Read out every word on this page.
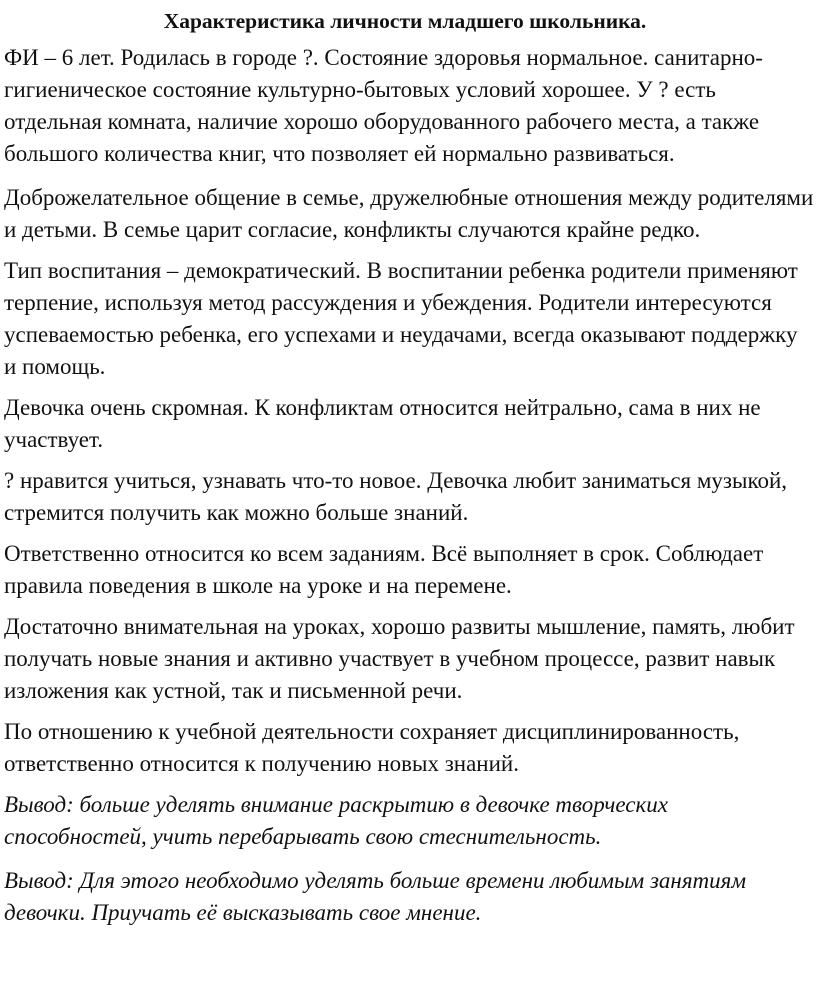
Характеристика личности младшего школьника.
ФИ – 6 лет. Родилась в городе ?. Состояние здоровья нормальное. санитарно-гигиеническое состояние культурно-бытовых условий хорошее. У ? есть отдельная комната, наличие хорошо оборудованного рабочего места, а также большого количества книг, что позволяет ей нормально развиваться.
Доброжелательное общение в семье, дружелюбные отношения между родителями и детьми. В семье царит согласие, конфликты случаются крайне редко.
Тип воспитания – демократический. В воспитании ребенка родители применяют терпение, используя метод рассуждения и убеждения. Родители интересуются успеваемостью ребенка, его успехами и неудачами, всегда оказывают поддержку и помощь.
Девочка очень скромная. К конфликтам относится нейтрально, сама в них не участвует.
? нравится учиться, узнавать что-то новое. Девочка любит заниматься музыкой, стремится получить как можно больше знаний.
Ответственно относится ко всем заданиям. Всё выполняет в срок. Соблюдает правила поведения в школе на уроке и на перемене.
Достаточно внимательная на уроках, хорошо развиты мышление, память, любит получать новые знания и активно участвует в учебном процессе, развит навык изложения как устной, так и письменной речи.
По отношению к учебной деятельности сохраняет дисциплинированность, ответственно относится к получению новых знаний.
Вывод: больше уделять внимание раскрытию в девочке творческих способностей, учить перебарывать свою стеснительность.
Вывод: Для этого необходимо уделять больше времени любимым занятиям девочки. Приучать её высказывать свое мнение.
